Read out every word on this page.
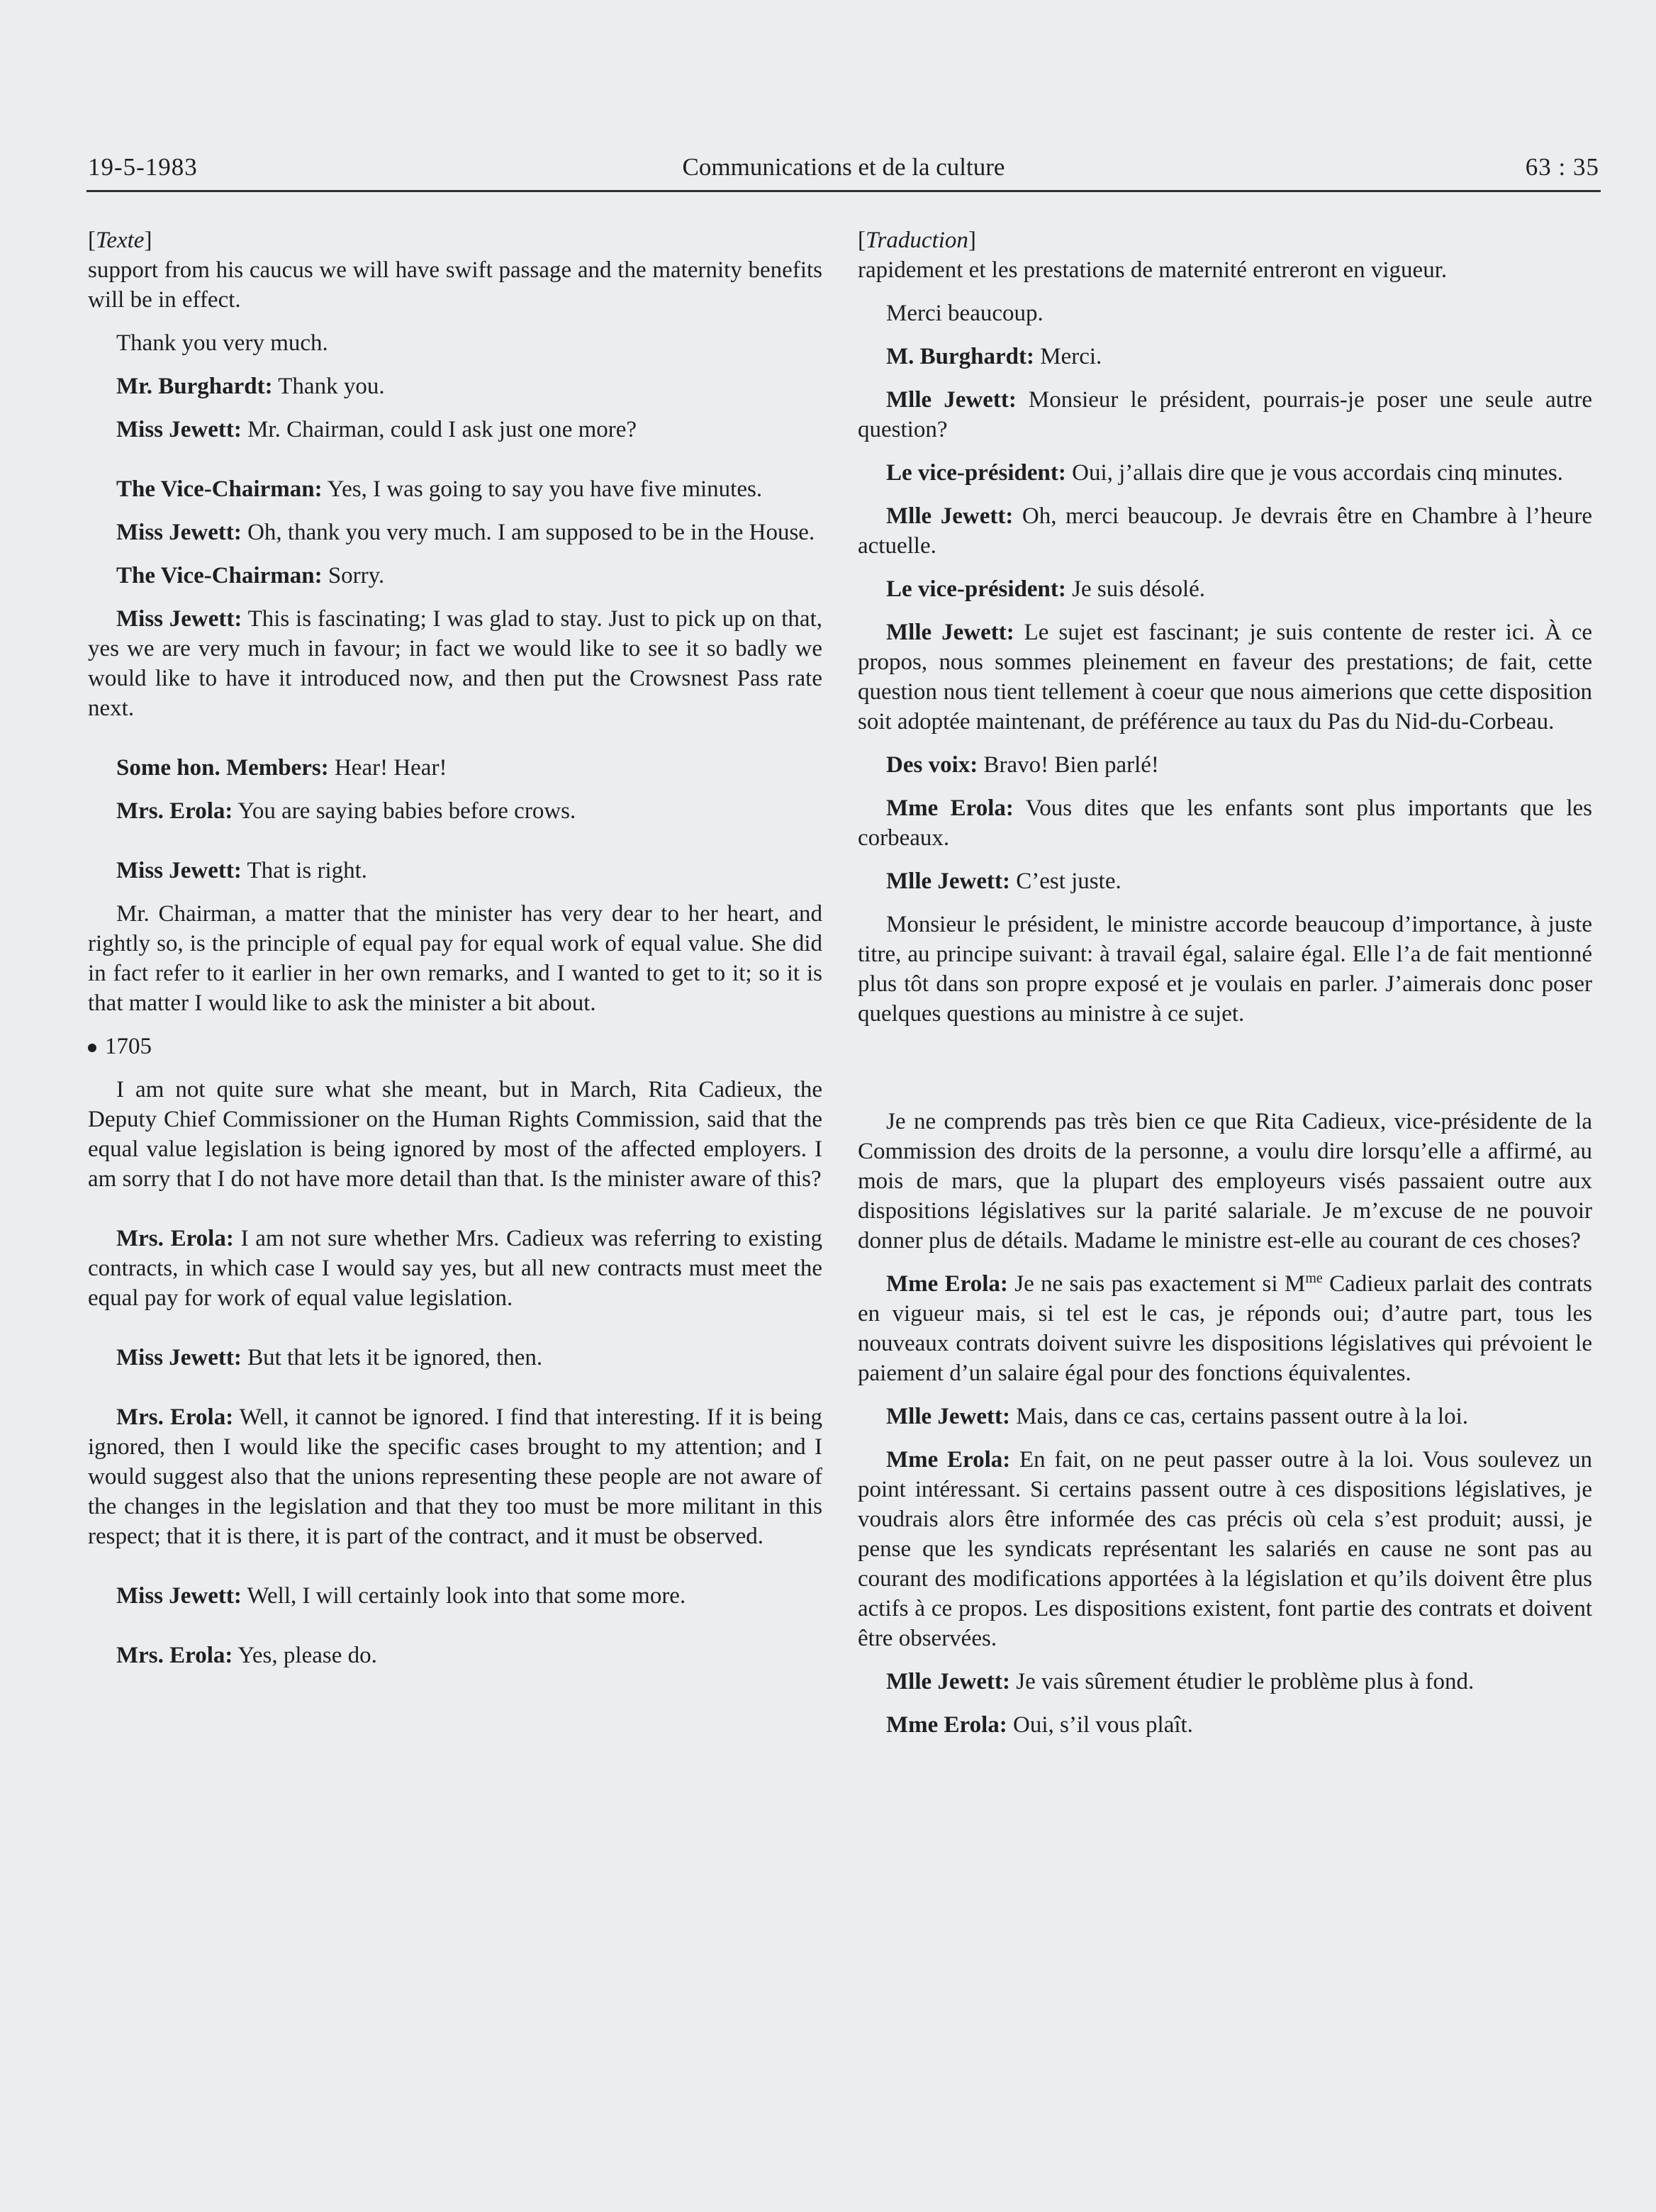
19-5-1983	Communications et de la culture	63 : 35

[Texte]

support from his caucus we will have swift passage and the maternity benefits will be in effect.

Thank you very much.

Mr. Burghardt: Thank you.

Miss Jewett: Mr. Chairman, could I ask just one more?

The Vice-Chairman: Yes, I was going to say you have five minutes.

Miss Jewett: Oh, thank you very much. I am supposed to be in the House.

The Vice-Chairman: Sorry.

Miss Jewett: This is fascinating; I was glad to stay. Just to pick up on that, yes we are very much in favour; in fact we would like to see it so badly we would like to have it introduced now, and then put the Crowsnest Pass rate next.

Some hon. Members: Hear! Hear!

Mrs. Erola: You are saying babies before crows.

Miss Jewett: That is right.

Mr. Chairman, a matter that the minister has very dear to her heart, and rightly so, is the principle of equal pay for equal work of equal value. She did in fact refer to it earlier in her own remarks, and I wanted to get to it; so it is that matter I would like to ask the minister a bit about.

1705

I am not quite sure what she meant, but in March, Rita Cadieux, the Deputy Chief Commissioner on the Human Rights Commission, said that the equal value legislation is being ignored by most of the affected employers. I am sorry that I do not have more detail than that. Is the minister aware of this?

Mrs. Erola: I am not sure whether Mrs. Cadieux was referring to existing contracts, in which case I would say yes, but all new contracts must meet the equal pay for work of equal value legislation.

Miss Jewett: But that lets it be ignored, then.

Mrs. Erola: Well, it cannot be ignored. I find that interesting. If it is being ignored, then I would like the specific cases brought to my attention; and I would suggest also that the unions representing these people are not aware of the changes in the legislation and that they too must be more militant in this respect; that it is there, it is part of the contract, and it must be observed.

Miss Jewett: Well, I will certainly look into that some more.

Mrs. Erola: Yes, please do.

[Traduction]

rapidement et les prestations de maternité entreront en vigueur.

Merci beaucoup.

M. Burghardt: Merci.

Mlle Jewett: Monsieur le président, pourrais-je poser une seule autre question?

Le vice-président: Oui, j’allais dire que je vous accordais cinq minutes.

Mlle Jewett: Oh, merci beaucoup. Je devrais être en Chambre à l’heure actuelle.

Le vice-président: Je suis désolé.

Mlle Jewett: Le sujet est fascinant; je suis contente de rester ici. À ce propos, nous sommes pleinement en faveur des prestations; de fait, cette question nous tient tellement à coeur que nous aimerions que cette disposition soit adoptée maintenant, de préférence au taux du Pas du Nid-du-Corbeau.

Des voix: Bravo! Bien parlé!

Mme Erola: Vous dites que les enfants sont plus importants que les corbeaux.

Mlle Jewett: C’est juste.

Monsieur le président, le ministre accorde beaucoup d’importance, à juste titre, au principe suivant: à travail égal, salaire égal. Elle l’a de fait mentionné plus tôt dans son propre exposé et je voulais en parler. J’aimerais donc poser quelques questions au ministre à ce sujet.

Je ne comprends pas très bien ce que Rita Cadieux, vice-présidente de la Commission des droits de la personne, a voulu dire lorsqu’elle a affirmé, au mois de mars, que la plupart des employeurs visés passaient outre aux dispositions législatives sur la parité salariale. Je m’excuse de ne pouvoir donner plus de détails. Madame le ministre est-elle au courant de ces choses?

Mme Erola: Je ne sais pas exactement si $M^{me}$ Cadieux parlait des contrats en vigueur mais, si tel est le cas, je réponds oui; d’autre part, tous les nouveaux contrats doivent suivre les dispositions législatives qui prévoient le paiement d’un salaire égal pour des fonctions équivalentes.

Mlle Jewett: Mais, dans ce cas, certains passent outre à la loi.

Mme Erola: En fait, on ne peut passer outre à la loi. Vous soulevez un point intéressant. Si certains passent outre à ces dispositions législatives, je voudrais alors être informée des cas précis où cela s’est produit; aussi, je pense que les syndicats représentant les salariés en cause ne sont pas au courant des modifications apportées à la législation et qu’ils doivent être plus actifs à ce propos. Les dispositions existent, font partie des contrats et doivent être observées.

Mlle Jewett: Je vais sûrement étudier le problème plus à fond.

Mme Erola: Oui, s’il vous plaît.
